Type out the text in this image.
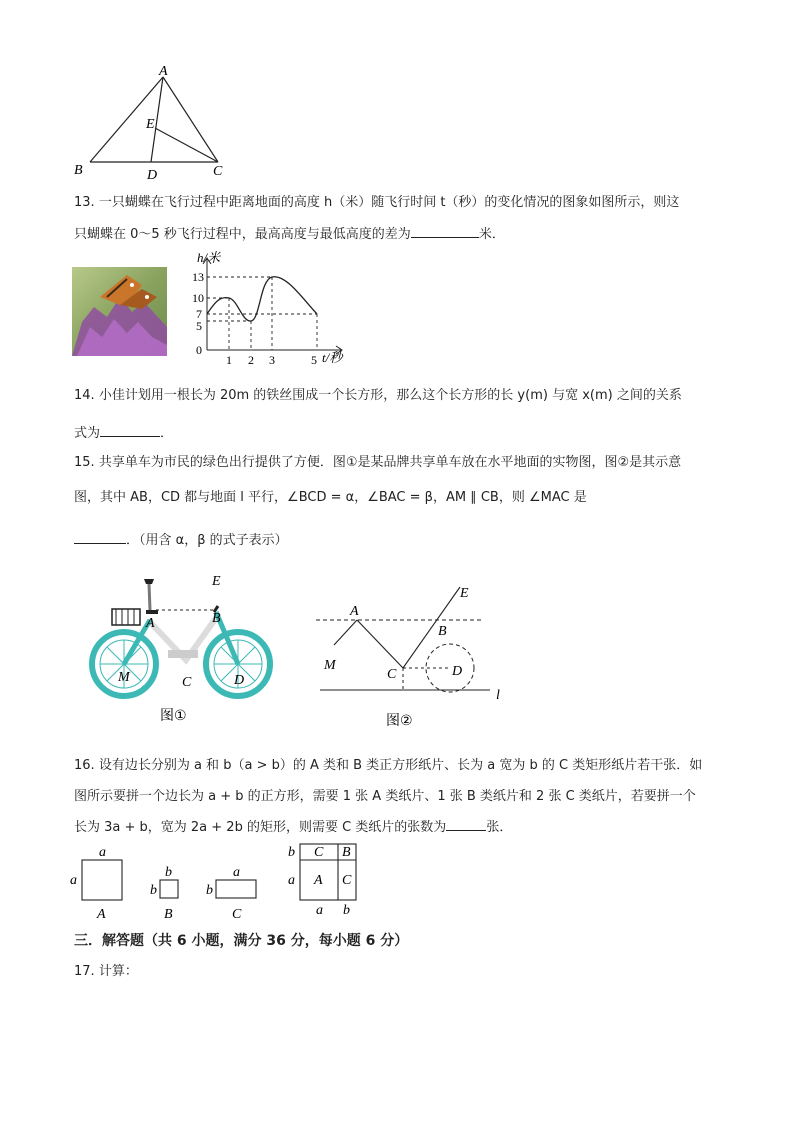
A
E
B	D	C
13. 一只蝴蝶在飞行过程中距离地面的高度 h（米）随飞行时间 t（秒）的变化情况的图象如图所示，则这
只蝴蝶在 0～5 秒飞行过程中，最高高度与最低高度的差为	米．
h/米
13
10
7
5
0
1 2 3	5 t/秒
14. 小佳计划用一根长为 20m 的铁丝围成一个长方形，那么这个长方形的长 y(m) 与宽 x(m) 之间的关系
式为	．
15. 共享单车为市民的绿色出行提供了方便．图①是某品牌共享单车放在水平地面的实物图，图②是其示意
图，其中 AB，CD 都与地面 l 平行，∠BCD = α，∠BAC = β，AM ∥ CB，则 ∠MAC 是
．（用含 α，β 的式子表示）
E
B
A
M	C	D
图①
E
A
B
M
C	D
l
图②
16. 设有边长分别为 a 和 b（a > b）的 A 类和 B 类正方形纸片、长为 a 宽为 b 的 C 类矩形纸片若干张．如
图所示要拼一个边长为 a + b 的正方形，需要 1 张 A 类纸片、1 张 B 类纸片和 2 张 C 类纸片，若要拼一个
长为 3a + b，宽为 2a + 2b 的矩形，则需要 C 类纸片的张数为	张．
a
a
A
b
b
B
a
b
C
C B
A C
b
a
a b
三．解答题（共 6 小题，满分 36 分，每小题 6 分）
17. 计算：
